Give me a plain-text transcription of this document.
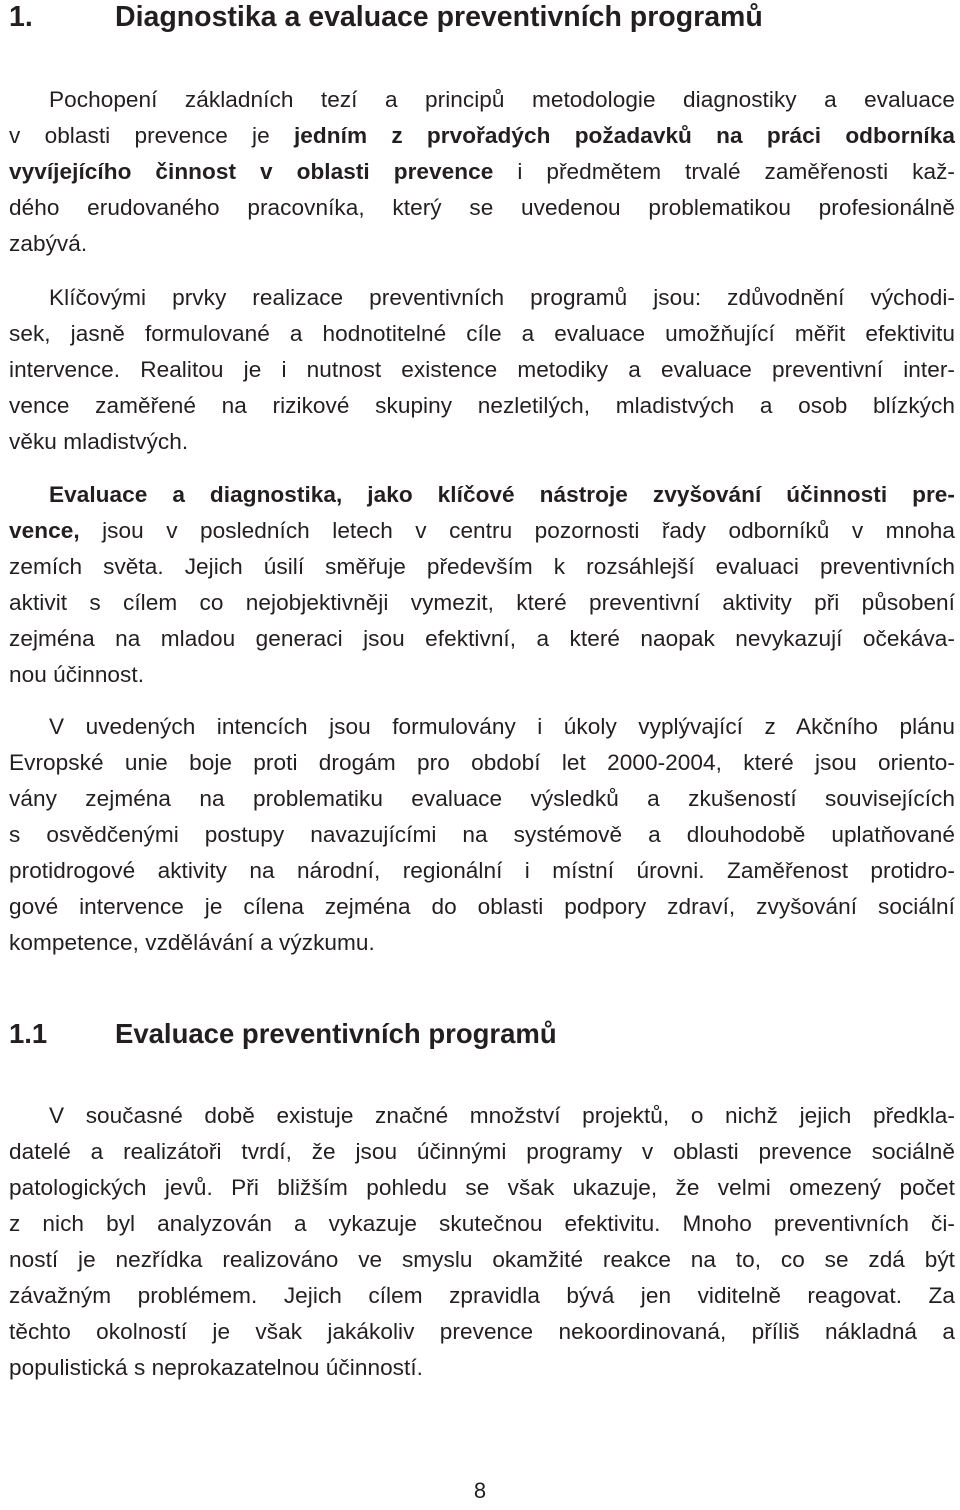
1.	Diagnostika a evaluace preventivních programů
Pochopení základních tezí a principů metodologie diagnostiky a evaluace
v oblasti prevence je jedním z prvořadých požadavků na práci odborníka
vyvíjejícího činnost v oblasti prevence i předmětem trvalé zaměřenosti kaž-
dého erudovaného pracovníka, který se uvedenou problematikou profesionálně
zabývá.
Klíčovými prvky realizace preventivních programů jsou: zdůvodnění východi-
sek, jasně formulované a hodnotitelné cíle a evaluace umožňující měřit efektivitu
intervence. Realitou je i nutnost existence metodiky a evaluace preventivní inter-
vence zaměřené na rizikové skupiny nezletilých, mladistvých a osob blízkých
věku mladistvých.
Evaluace a diagnostika, jako klíčové nástroje zvyšování účinnosti pre-
vence, jsou v posledních letech v centru pozornosti řady odborníků v mnoha
zemích světa. Jejich úsilí směřuje především k rozsáhlejší evaluaci preventivních
aktivit s cílem co nejobjektivněji vymezit, které preventivní aktivity při působení
zejména na mladou generaci jsou efektivní, a které naopak nevykazují očekáva-
nou účinnost.
V uvedených intencích jsou formulovány i úkoly vyplývající z Akčního plánu
Evropské unie boje proti drogám pro období let 2000-2004, které jsou oriento-
vány zejména na problematiku evaluace výsledků a zkušeností souvisejících
s osvědčenými postupy navazujícími na systémově a dlouhodobě uplatňované
protidrogové aktivity na národní, regionální i místní úrovni. Zaměřenost protidro-
gové intervence je cílena zejména do oblasti podpory zdraví, zvyšování sociální
kompetence, vzdělávání a výzkumu.
1.1	Evaluace preventivních programů
V současné době existuje značné množství projektů, o nichž jejich předkla-
datelé a realizátoři tvrdí, že jsou účinnými programy v oblasti prevence sociálně
patologických jevů. Při bližším pohledu se však ukazuje, že velmi omezený počet
z nich byl analyzován a vykazuje skutečnou efektivitu. Mnoho preventivních či-
ností je nezřídka realizováno ve smyslu okamžité reakce na to, co se zdá být
závažným problémem. Jejich cílem zpravidla bývá jen viditelně reagovat. Za
těchto okolností je však jakákoliv prevence nekoordinovaná, příliš nákladná a
populistická s neprokazatelnou účinností.
8
